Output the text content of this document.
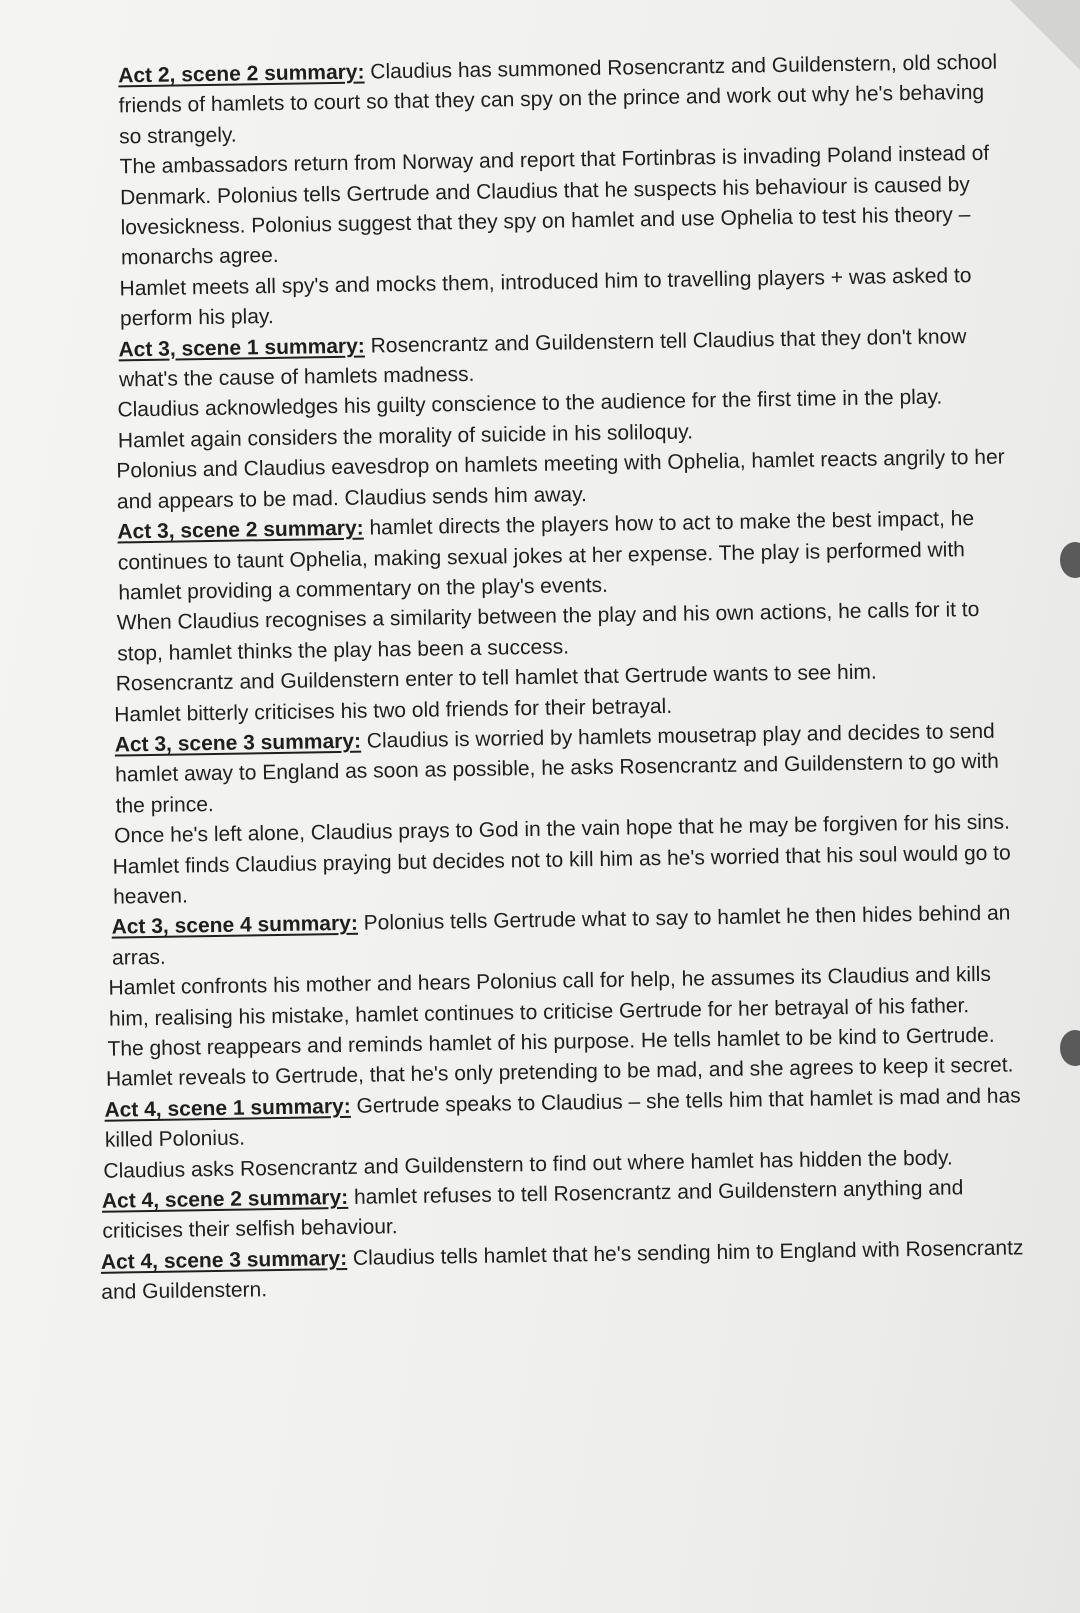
Act 2, scene 2 summary: Claudius has summoned Rosencrantz and Guildenstern, old school friends of hamlets to court so that they can spy on the prince and work out why he's behaving so strangely.

The ambassadors return from Norway and report that Fortinbras is invading Poland instead of Denmark. Polonius tells Gertrude and Claudius that he suspects his behaviour is caused by lovesickness. Polonius suggest that they spy on hamlet and use Ophelia to test his theory – monarchs agree.

Hamlet meets all spy's and mocks them, introduced him to travelling players + was asked to perform his play.

Act 3, scene 1 summary: Rosencrantz and Guildenstern tell Claudius that they don't know what's the cause of hamlets madness.

Claudius acknowledges his guilty conscience to the audience for the first time in the play.

Hamlet again considers the morality of suicide in his soliloquy.

Polonius and Claudius eavesdrop on hamlets meeting with Ophelia, hamlet reacts angrily to her and appears to be mad. Claudius sends him away.

Act 3, scene 2 summary: hamlet directs the players how to act to make the best impact, he continues to taunt Ophelia, making sexual jokes at her expense. The play is performed with hamlet providing a commentary on the play's events.

When Claudius recognises a similarity between the play and his own actions, he calls for it to stop, hamlet thinks the play has been a success.

Rosencrantz and Guildenstern enter to tell hamlet that Gertrude wants to see him.

Hamlet bitterly criticises his two old friends for their betrayal.

Act 3, scene 3 summary: Claudius is worried by hamlets mousetrap play and decides to send hamlet away to England as soon as possible, he asks Rosencrantz and Guildenstern to go with the prince.

Once he's left alone, Claudius prays to God in the vain hope that he may be forgiven for his sins.

Hamlet finds Claudius praying but decides not to kill him as he's worried that his soul would go to heaven.

Act 3, scene 4 summary: Polonius tells Gertrude what to say to hamlet he then hides behind an arras.

Hamlet confronts his mother and hears Polonius call for help, he assumes its Claudius and kills him, realising his mistake, hamlet continues to criticise Gertrude for her betrayal of his father.

The ghost reappears and reminds hamlet of his purpose. He tells hamlet to be kind to Gertrude.

Hamlet reveals to Gertrude, that he's only pretending to be mad, and she agrees to keep it secret.

Act 4, scene 1 summary: Gertrude speaks to Claudius – she tells him that hamlet is mad and has killed Polonius.

Claudius asks Rosencrantz and Guildenstern to find out where hamlet has hidden the body.

Act 4, scene 2 summary: hamlet refuses to tell Rosencrantz and Guildenstern anything and criticises their selfish behaviour.

Act 4, scene 3 summary: Claudius tells hamlet that he's sending him to England with Rosencrantz and Guildenstern.
